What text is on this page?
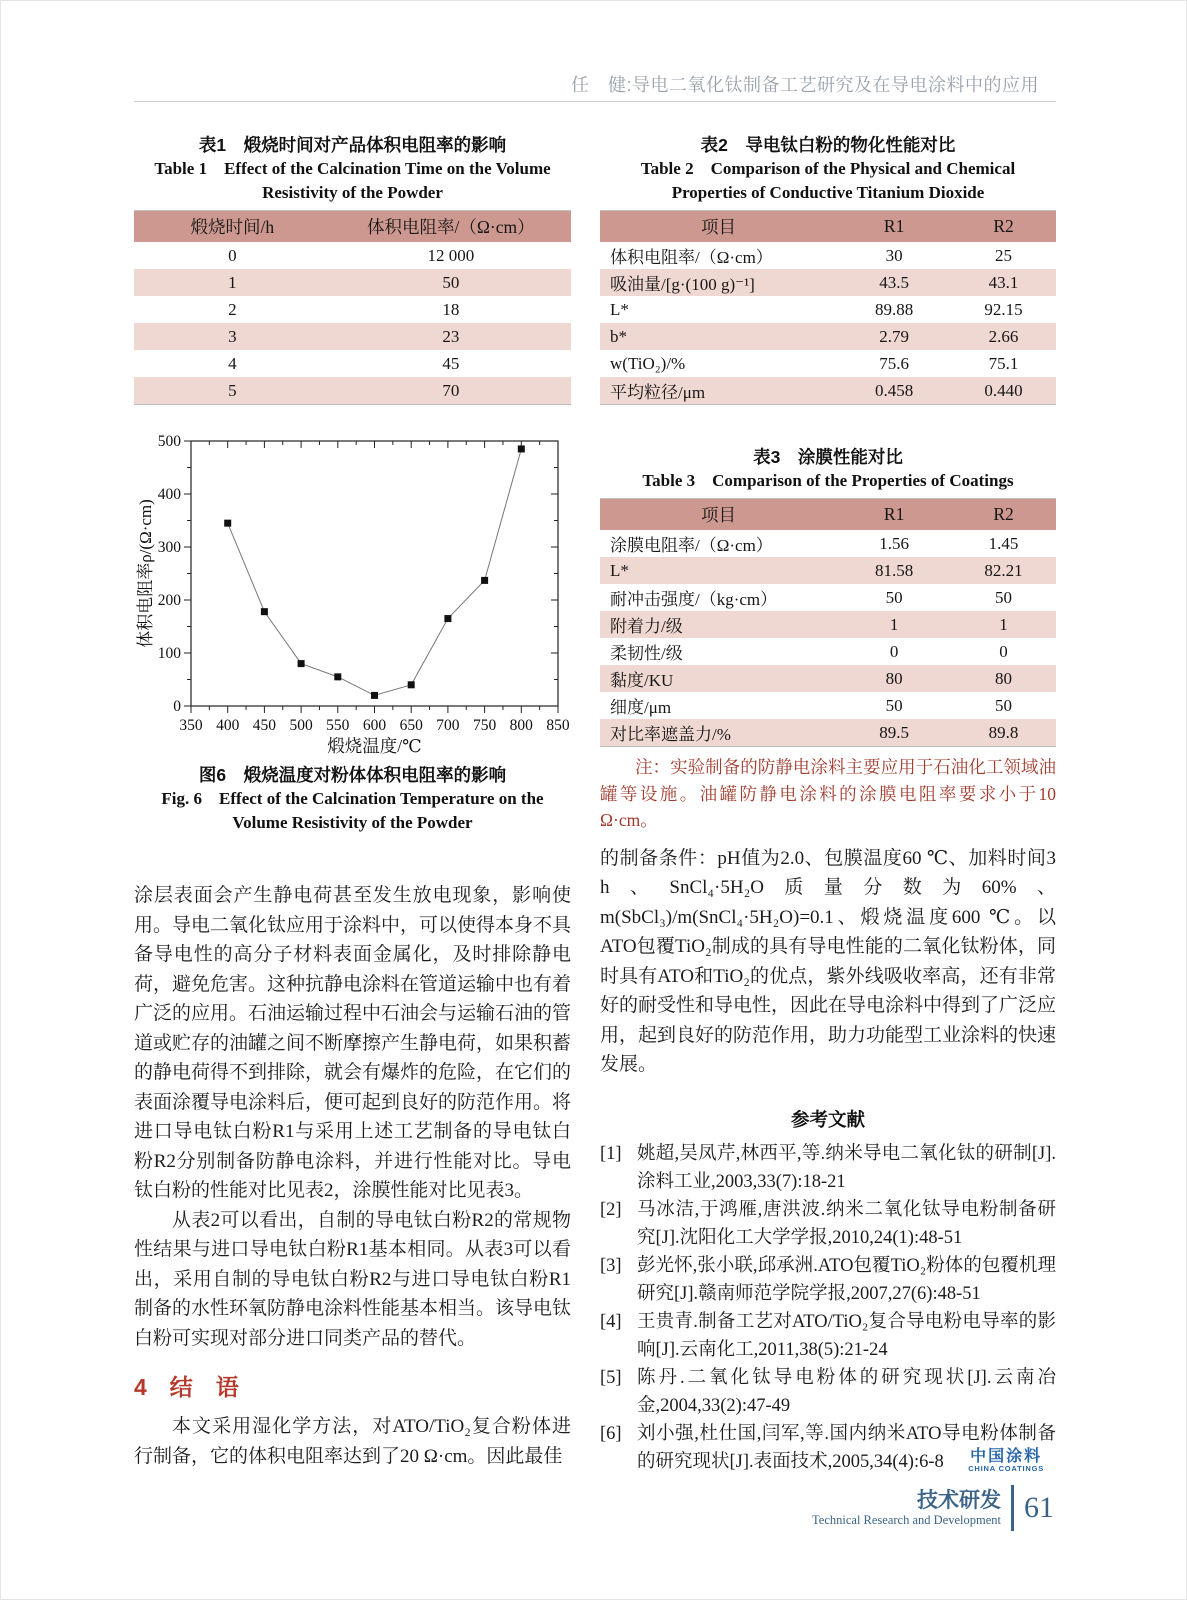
任　健:导电二氧化钛制备工艺研究及在导电涂料中的应用
表1　煅烧时间对产品体积电阻率的影响
Table 1　Effect of the Calcination Time on the Volume
Resistivity of the Powder
煅烧时间/h	体积电阻率/（Ω·cm）
0	12 000
1	50
2	18
3	23
4	45
5	70
350 400 450 500 550 600 650 700 750 800 850
0
100
200
300
400
500
体积电阻率ρ/(Ω·cm)
煅烧温度/℃
图6　煅烧温度对粉体体积电阻率的影响
Fig. 6　Effect of the Calcination Temperature on the
Volume Resistivity of the Powder

涂层表面会产生静电荷甚至发生放电现象，影响使用。导电二氧化钛应用于涂料中，可以使得本身不具备导电性的高分子材料表面金属化，及时排除静电荷，避免危害。这种抗静电涂料在管道运输中也有着广泛的应用。石油运输过程中石油会与运输石油的管道或贮存的油罐之间不断摩擦产生静电荷，如果积蓄的静电荷得不到排除，就会有爆炸的危险，在它们的表面涂覆导电涂料后，便可起到良好的防范作用。将进口导电钛白粉R1与采用上述工艺制备的导电钛白粉R2分别制备防静电涂料，并进行性能对比。导电钛白粉的性能对比见表2，涂膜性能对比见表3。

从表2可以看出，自制的导电钛白粉R2的常规物性结果与进口导电钛白粉R1基本相同。从表3可以看出，采用自制的导电钛白粉R2与进口导电钛白粉R1制备的水性环氧防静电涂料性能基本相当。该导电钛白粉可实现对部分进口同类产品的替代。

4　结　语

本文采用湿化学方法，对ATO/TiO₂复合粉体进行制备，它的体积电阻率达到了20 Ω·cm。因此最佳

表2　导电钛白粉的物化性能对比
Table 2　Comparison of the Physical and Chemical
Properties of Conductive Titanium Dioxide
项目	R1	R2
体积电阻率/（Ω·cm）	30	25
吸油量/[g·(100 g)⁻¹]	43.5	43.1
L*	89.88	92.15
b*	2.79	2.66
w(TiO₂)/%	75.6	75.1
平均粒径/μm	0.458	0.440
表3　涂膜性能对比
Table 3　Comparison of the Properties of Coatings
项目	R1	R2
涂膜电阻率/（Ω·cm）	1.56	1.45
L*	81.58	82.21
耐冲击强度/（kg·cm）	50	50
附着力/级	1	1
柔韧性/级	0	0
黏度/KU	80	80
细度/μm	50	50
对比率遮盖力/%	89.5	89.8

注：实验制备的防静电涂料主要应用于石油化工领域油罐等设施。油罐防静电涂料的涂膜电阻率要求小于10 Ω·cm。

的制备条件：pH值为2.0、包膜温度60 ℃、加料时间3 h、SnCl₄·5H₂O质量分数为60%、m(SbCl₃)/m(SnCl₄·5H₂O)=0.1、煅烧温度600 ℃。以ATO包覆TiO₂制成的具有导电性能的二氧化钛粉体，同时具有ATO和TiO₂的优点，紫外线吸收率高，还有非常好的耐受性和导电性，因此在导电涂料中得到了广泛应用，起到良好的防范作用，助力功能型工业涂料的快速发展。

参考文献
[1] 姚超,吴凤芹,林西平,等.纳米导电二氧化钛的研制[J].涂料工业,2003,33(7):18-21
[2] 马冰洁,于鸿雁,唐洪波.纳米二氧化钛导电粉制备研究[J].沈阳化工大学学报,2010,24(1):48-51
[3] 彭光怀,张小联,邱承洲.ATO包覆TiO₂粉体的包覆机理研究[J].赣南师范学院学报,2007,27(6):48-51
[4] 王贵青.制备工艺对ATO/TiO₂复合导电粉电导率的影响[J].云南化工,2011,38(5):21-24
[5] 陈丹.二氧化钛导电粉体的研究现状[J].云南冶金,2004,33(2):47-49
[6] 刘小强,杜仕国,闫军,等.国内纳米ATO导电粉体制备的研究现状[J].表面技术,2005,34(4):6-8	中国涂料
CHINA COATINGS
技术研发
Technical Research and Development 61
